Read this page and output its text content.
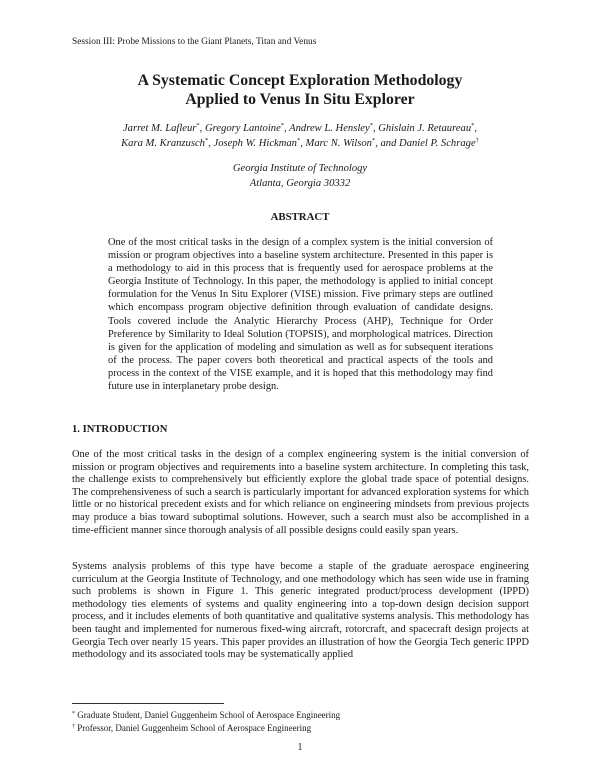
Session III: Probe Missions to the Giant Planets, Titan and Venus
A Systematic Concept Exploration Methodology
Applied to Venus In Situ Explorer
Jarret M. Lafleur*, Gregory Lantoine*, Andrew L. Hensley*, Ghislain J. Retaureau*,
Kara M. Kranzusch*, Joseph W. Hickman*, Marc N. Wilson*, and Daniel P. Schrage†
Georgia Institute of Technology
Atlanta, Georgia 30332
ABSTRACT

One of the most critical tasks in the design of a complex system is the initial conversion of mission or program objectives into a baseline system architecture. Presented in this paper is a methodology to aid in this process that is frequently used for aerospace problems at the Georgia Institute of Technology. In this paper, the methodology is applied to initial concept formulation for the Venus In Situ Explorer (VISE) mission. Five primary steps are outlined which encompass program objective definition through evaluation of candidate designs. Tools covered include the Analytic Hierarchy Process (AHP), Technique for Order Preference by Similarity to Ideal Solution (TOPSIS), and morphological matrices. Direction is given for the application of modeling and simulation as well as for subsequent iterations of the process. The paper covers both theoretical and practical aspects of the tools and process in the context of the VISE example, and it is hoped that this methodology may find future use in interplanetary probe design.

1. INTRODUCTION

One of the most critical tasks in the design of a complex engineering system is the initial conversion of mission or program objectives and requirements into a baseline system architecture. In completing this task, the challenge exists to comprehensively but efficiently explore the global trade space of potential designs. The comprehensiveness of such a search is particularly important for advanced exploration systems for which little or no historical precedent exists and for which reliance on engineering mindsets from previous projects may produce a bias toward suboptimal solutions. However, such a search must also be accomplished in a time-efficient manner since thorough analysis of all possible designs could easily span years.

Systems analysis problems of this type have become a staple of the graduate aerospace engineering curriculum at the Georgia Institute of Technology, and one methodology which has seen wide use in framing such problems is shown in Figure 1. This generic integrated product/process development (IPPD) methodology ties elements of systems and quality engineering into a top-down design decision support process, and it includes elements of both quantitative and qualitative systems analysis. This methodology has been taught and implemented for numerous fixed-wing aircraft, rotorcraft, and spacecraft design projects at Georgia Tech over nearly 15 years. This paper provides an illustration of how the Georgia Tech generic IPPD methodology and its associated tools may be systematically applied

* Graduate Student, Daniel Guggenheim School of Aerospace Engineering
† Professor, Daniel Guggenheim School of Aerospace Engineering
1
